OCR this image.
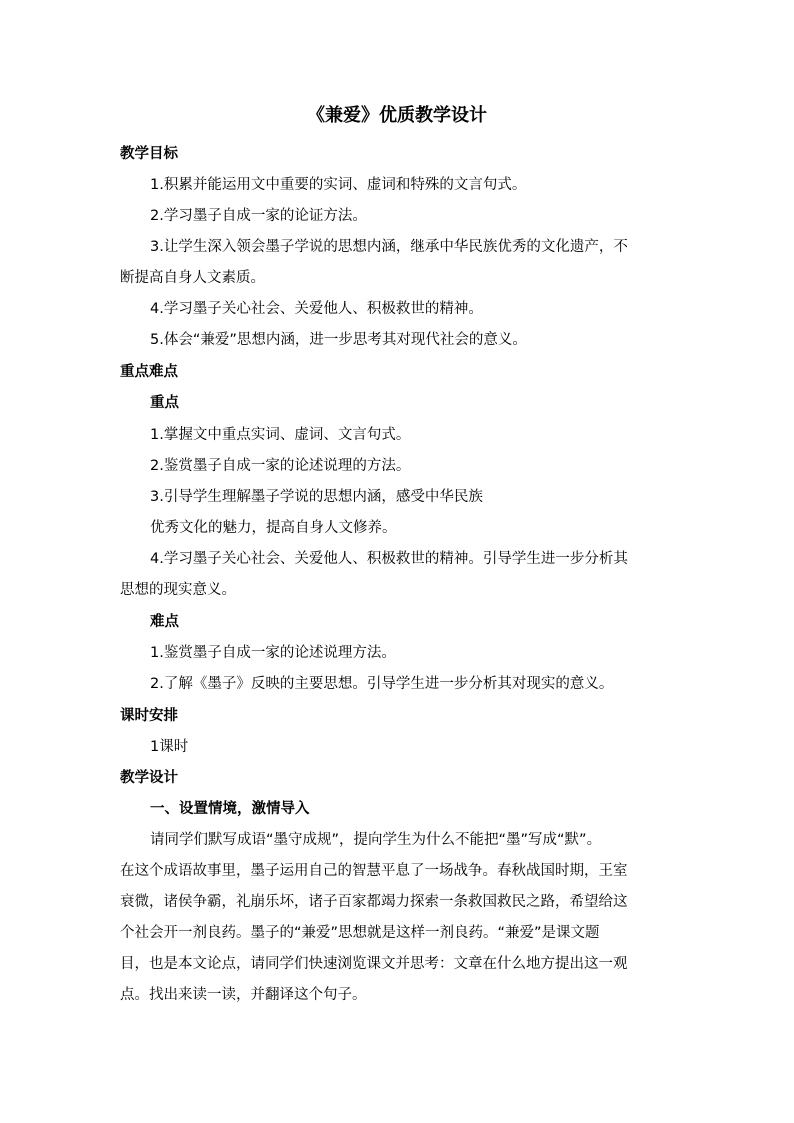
《兼爱》优质教学设计
教学目标
1.积累并能运用文中重要的实词、虚词和特殊的文言句式。
2.学习墨子自成一家的论证方法。
3.让学生深入领会墨子学说的思想内涵，继承中华民族优秀的文化遗产，不
断提高自身人文素质。
4.学习墨子关心社会、关爱他人、积极救世的精神。
5.体会“兼爱”思想内涵，进一步思考其对现代社会的意义。
重点难点
重点
1.掌握文中重点实词、虚词、文言句式。
2.鉴赏墨子自成一家的论述说理的方法。
3.引导学生理解墨子学说的思想内涵，感受中华民族
优秀文化的魅力，提高自身人文修养。
4.学习墨子关心社会、关爱他人、积极救世的精神。引导学生进一步分析其
思想的现实意义。
难点
1.鉴赏墨子自成一家的论述说理方法。
2.了解《墨子》反映的主要思想。引导学生进一步分析其对现实的意义。
课时安排
1课时
教学设计
一、设置情境，激情导入
请同学们默写成语“墨守成规”，提向学生为什么不能把“墨”写成“默”。
在这个成语故事里，墨子运用自己的智慧平息了一场战争。春秋战国时期，王室
衰微，诸侯争霸，礼崩乐坏，诸子百家都竭力探索一条救国救民之路，希望给这
个社会开一剂良药。墨子的“兼爱”思想就是这样一剂良药。“兼爱”是课文题
目，也是本文论点，请同学们快速浏览课文并思考：文章在什么地方提出这一观
点。找出来读一读，并翻译这个句子。
